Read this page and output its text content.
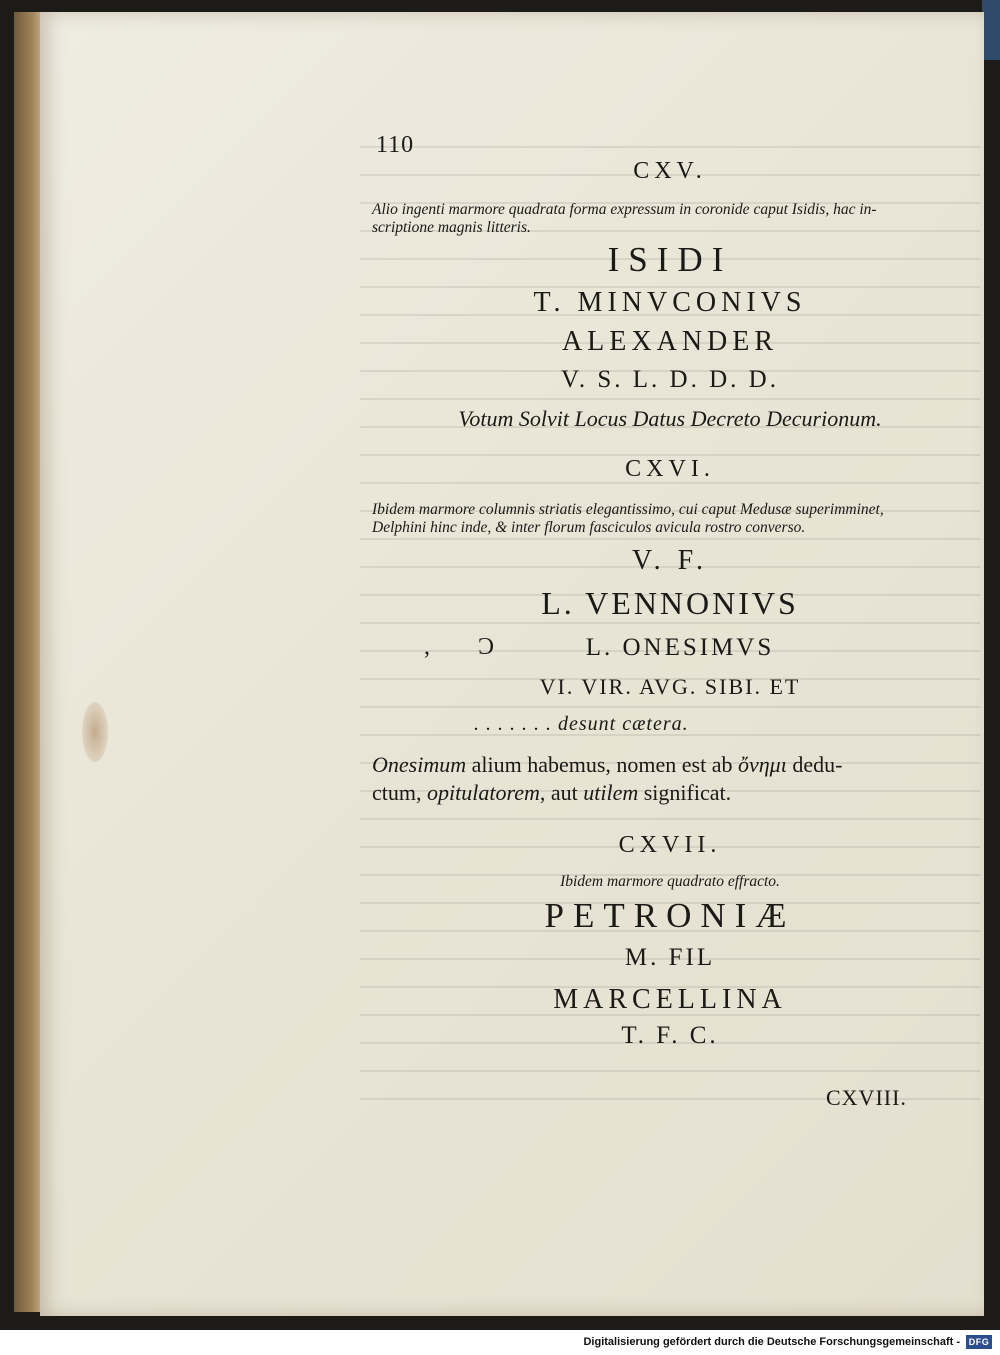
110
CXV.
Alio ingenti marmore quadrata forma expressum in coronide caput Isidis, hac in-
scriptione magnis litteris.
ISIDI
T. MINVCONIVS
ALEXANDER
V. S. L. D. D. D.
Votum Solvit Locus Datus Decreto Decurionum.
CXVI.
Ibidem marmore columnis striatis elegantissimo, cui caput Medusæ superimminet,
Delphini hinc inde, & inter florum fasciculos avicula rostro converso.
V. F.
L. VENNONIVS
, Ɔ	L. ONESIMVS
VI. VIR. AVG. SIBI. ET
. . . . . . . desunt cætera.
Onesimum alium habemus, nomen est ab ὄνημι dedu-
ctum, opitulatorem, aut utilem significat.
CXVII.
Ibidem marmore quadrato effracto.
PETRONIÆ
M. FIL
MARCELLINA
T. F. C.
CXVIII.
Digitalisierung gefördert durch die Deutsche Forschungsgemeinschaft - DFG
